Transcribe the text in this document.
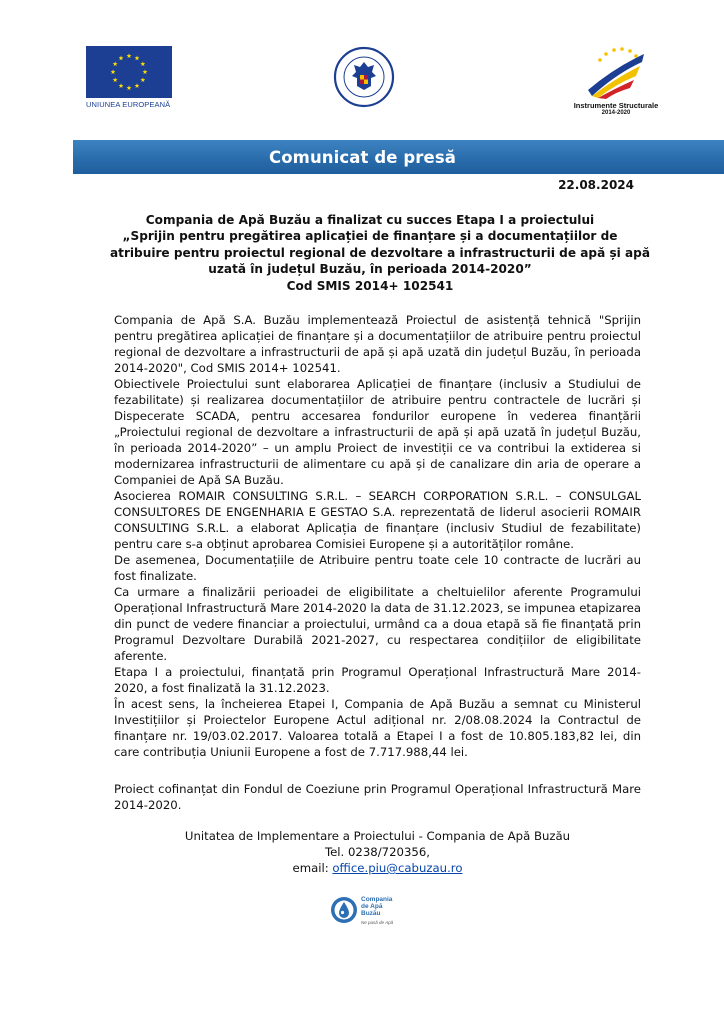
UNIUNEA EUROPEANĂ	Instrumente Structurale
2014-2020
Comunicat de presă
22.08.2024
Compania de Apă Buzău a finalizat cu succes Etapa I a proiectului
„Sprijin pentru pregătirea aplicației de finanțare și a documentațiilor de
atribuire pentru proiectul regional de dezvoltare a infrastructurii de apă și apă
uzată în județul Buzău, în perioada 2014-2020”
Cod SMIS 2014+ 102541

Compania de Apă S.A. Buzău implementează Proiectul de asistență tehnică "Sprijin pentru pregătirea aplicației de finanțare și a documentațiilor de atribuire pentru proiectul regional de dezvoltare a infrastructurii de apă și apă uzată din județul Buzău, în perioada 2014-2020", Cod SMIS 2014+ 102541.

Obiectivele Proiectului sunt elaborarea Aplicației de finanțare (inclusiv a Studiului de fezabilitate) și realizarea documentațiilor de atribuire pentru contractele de lucrări și Dispecerate SCADA, pentru accesarea fondurilor europene în vederea finanțării „Proiectului regional de dezvoltare a infrastructurii de apă și apă uzată în județul Buzău, în perioada 2014-2020” – un amplu Proiect de investiții ce va contribui la extiderea si modernizarea infrastructurii de alimentare cu apă și de canalizare din aria de operare a Companiei de Apă SA Buzău.

Asocierea ROMAIR CONSULTING S.R.L. – SEARCH CORPORATION S.R.L. – CONSULGAL CONSULTORES DE ENGENHARIA E GESTAO S.A. reprezentată de liderul asocierii ROMAIR CONSULTING S.R.L. a elaborat Aplicația de finanțare (inclusiv Studiul de fezabilitate) pentru care s-a obținut aprobarea Comisiei Europene și a autorităților române.

De asemenea, Documentațiile de Atribuire pentru toate cele 10 contracte de lucrări au fost finalizate.

Ca urmare a finalizării perioadei de eligibilitate a cheltuielilor aferente Programului Operațional Infrastructură Mare 2014-2020 la data de 31.12.2023, se impunea etapizarea din punct de vedere financiar a proiectului, urmând ca a doua etapă să fie finanțată prin Programul Dezvoltare Durabilă 2021-2027, cu respectarea condițiilor de eligibilitate aferente.

Etapa I a proiectului, finanțată prin Programul Operațional Infrastructură Mare 2014-2020, a fost finalizată la 31.12.2023.

În acest sens, la încheierea Etapei I, Compania de Apă Buzău a semnat cu Ministerul Investițiilor și Proiectelor Europene Actul adițional nr. 2/08.08.2024 la Contractul de finanțare nr. 19/03.02.2017. Valoarea totală a Etapei I a fost de 10.805.183,82 lei, din care contribuția Uniunii Europene a fost de 7.717.988,44 lei.

Proiect cofinanțat din Fondul de Coeziune prin Programul Operațional Infrastructură Mare 2014-2020.
Unitatea de Implementare a Proiectului - Compania de Apă Buzău
Tel. 0238/720356,
email: office.piu@cabuzau.ro
Compania
de Apă
Buzău
Ne pasă de Apă
